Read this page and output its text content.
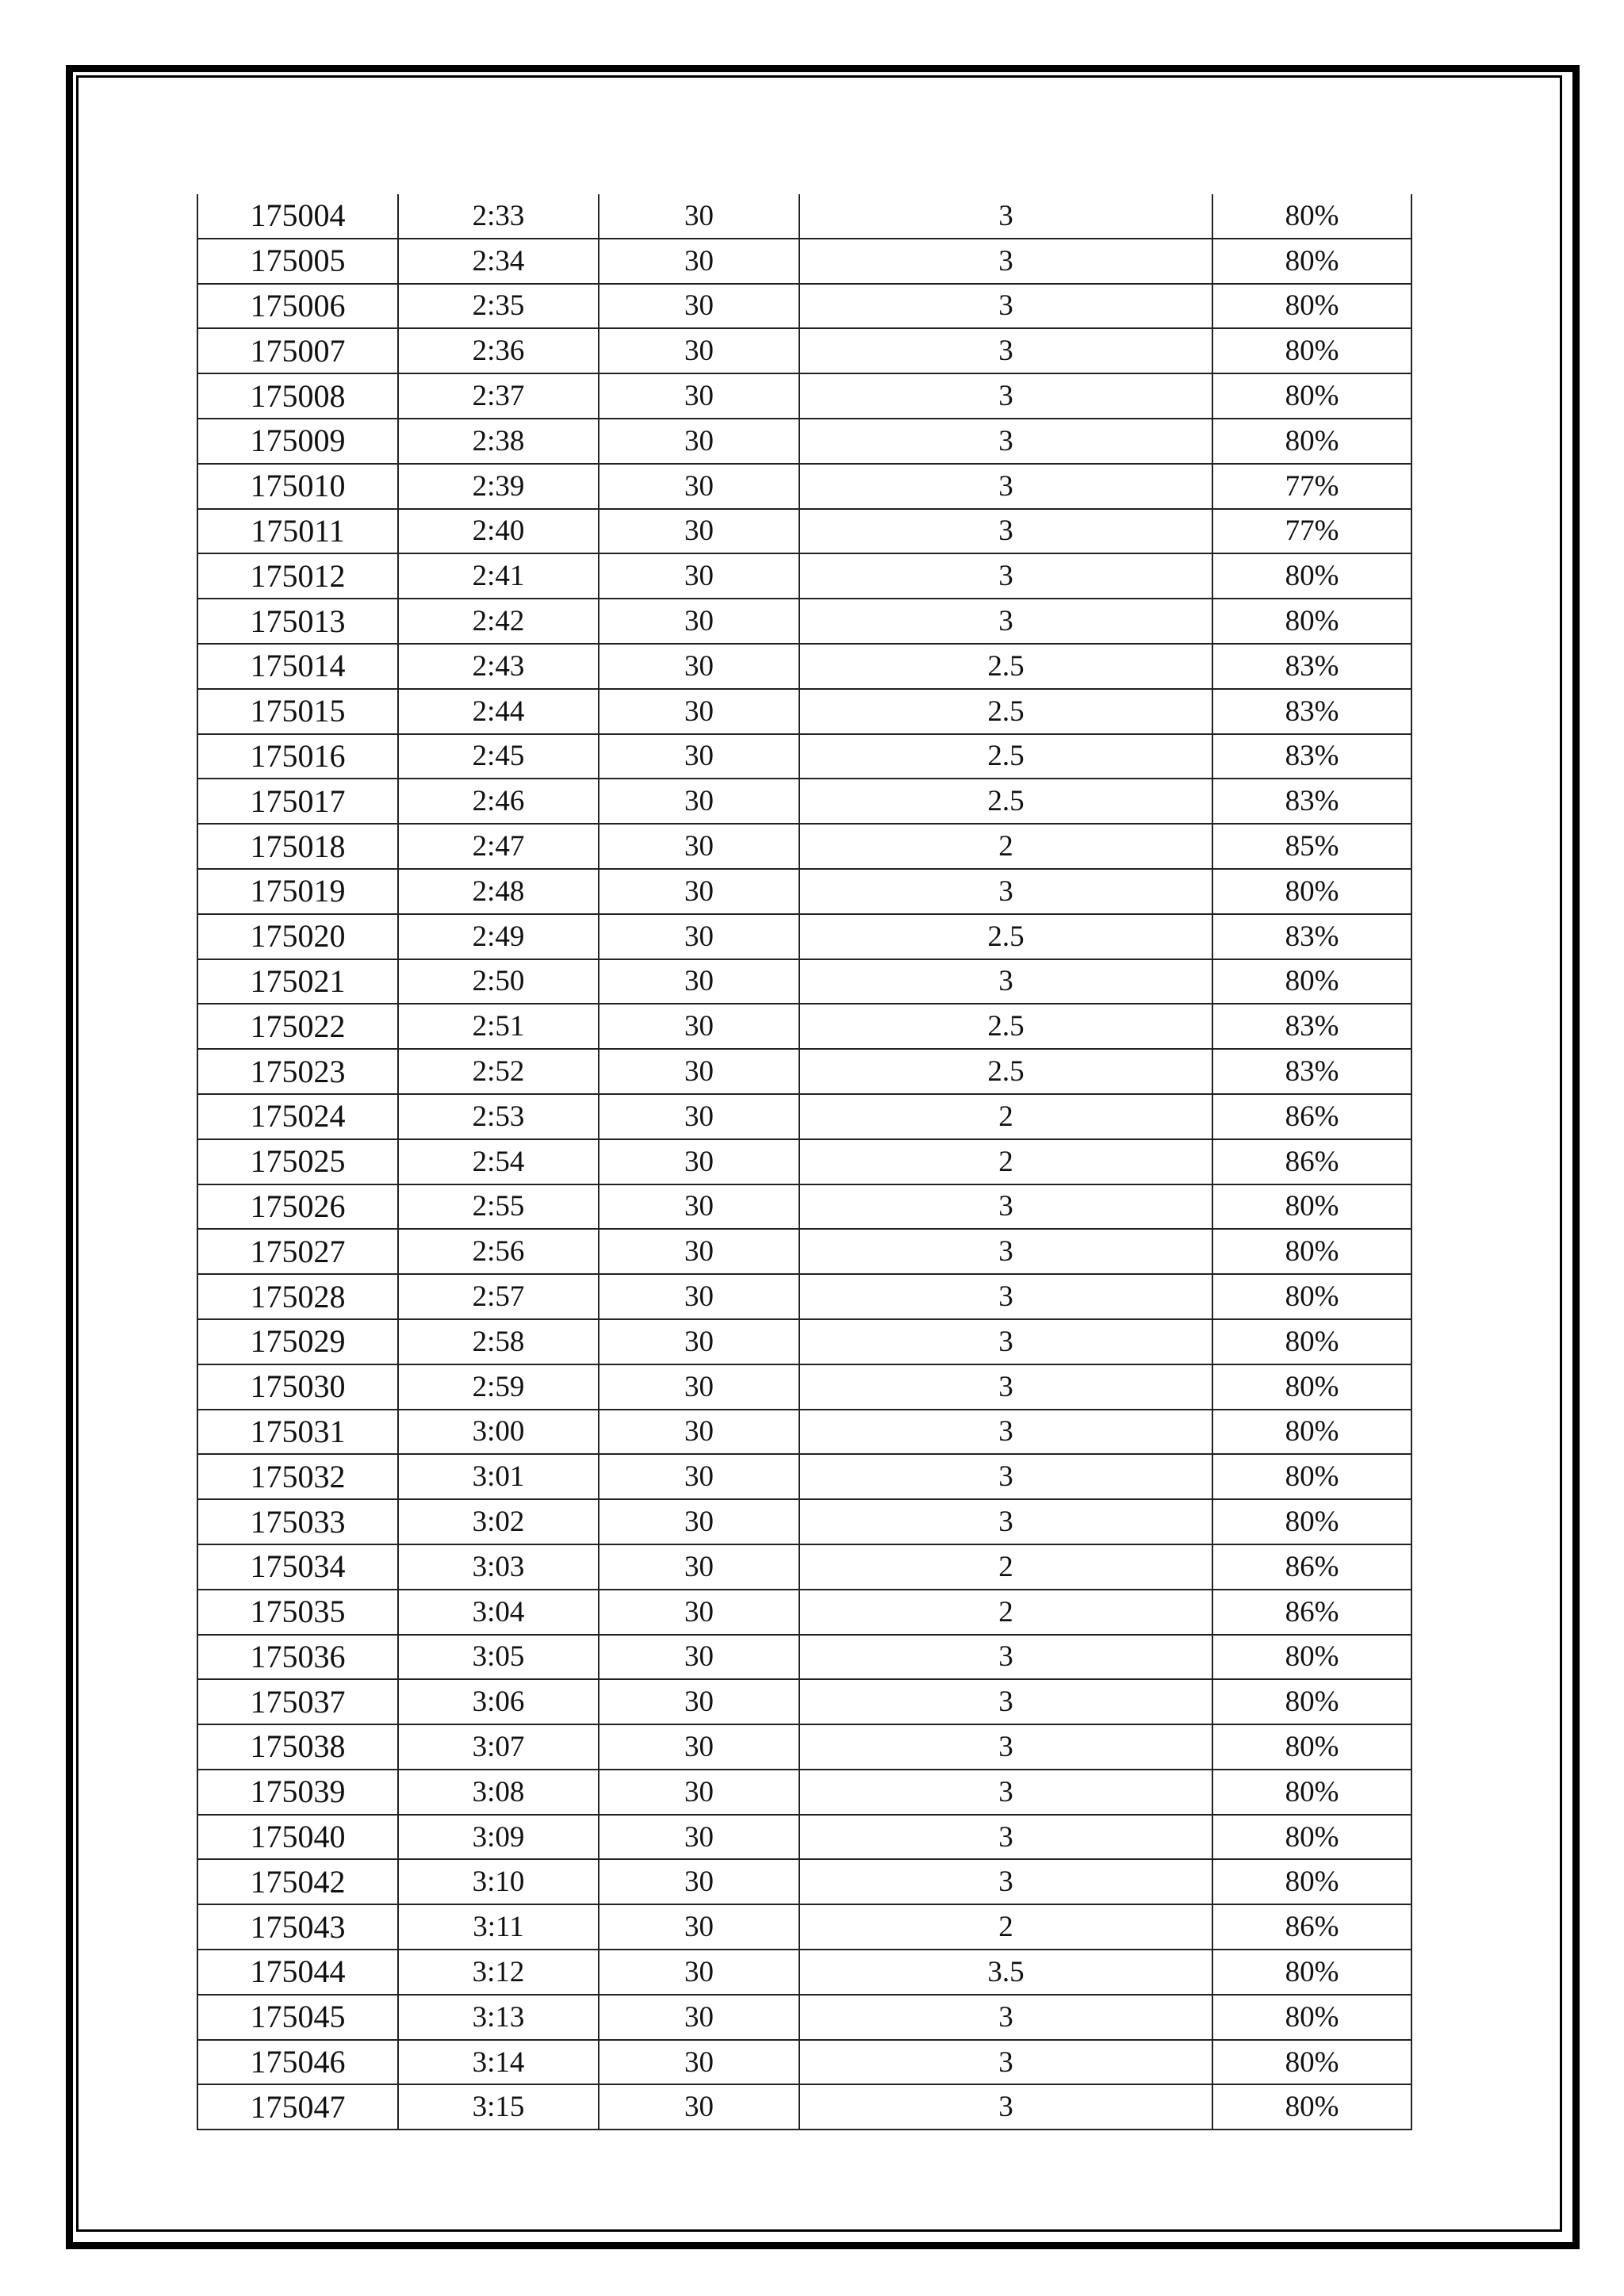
175004	2:33	30	3	80%
175005	2:34	30	3	80%
175006	2:35	30	3	80%
175007	2:36	30	3	80%
175008	2:37	30	3	80%
175009	2:38	30	3	80%
175010	2:39	30	3	77%
175011	2:40	30	3	77%
175012	2:41	30	3	80%
175013	2:42	30	3	80%
175014	2:43	30	2.5	83%
175015	2:44	30	2.5	83%
175016	2:45	30	2.5	83%
175017	2:46	30	2.5	83%
175018	2:47	30	2	85%
175019	2:48	30	3	80%
175020	2:49	30	2.5	83%
175021	2:50	30	3	80%
175022	2:51	30	2.5	83%
175023	2:52	30	2.5	83%
175024	2:53	30	2	86%
175025	2:54	30	2	86%
175026	2:55	30	3	80%
175027	2:56	30	3	80%
175028	2:57	30	3	80%
175029	2:58	30	3	80%
175030	2:59	30	3	80%
175031	3:00	30	3	80%
175032	3:01	30	3	80%
175033	3:02	30	3	80%
175034	3:03	30	2	86%
175035	3:04	30	2	86%
175036	3:05	30	3	80%
175037	3:06	30	3	80%
175038	3:07	30	3	80%
175039	3:08	30	3	80%
175040	3:09	30	3	80%
175042	3:10	30	3	80%
175043	3:11	30	2	86%
175044	3:12	30	3.5	80%
175045	3:13	30	3	80%
175046	3:14	30	3	80%
175047	3:15	30	3	80%
